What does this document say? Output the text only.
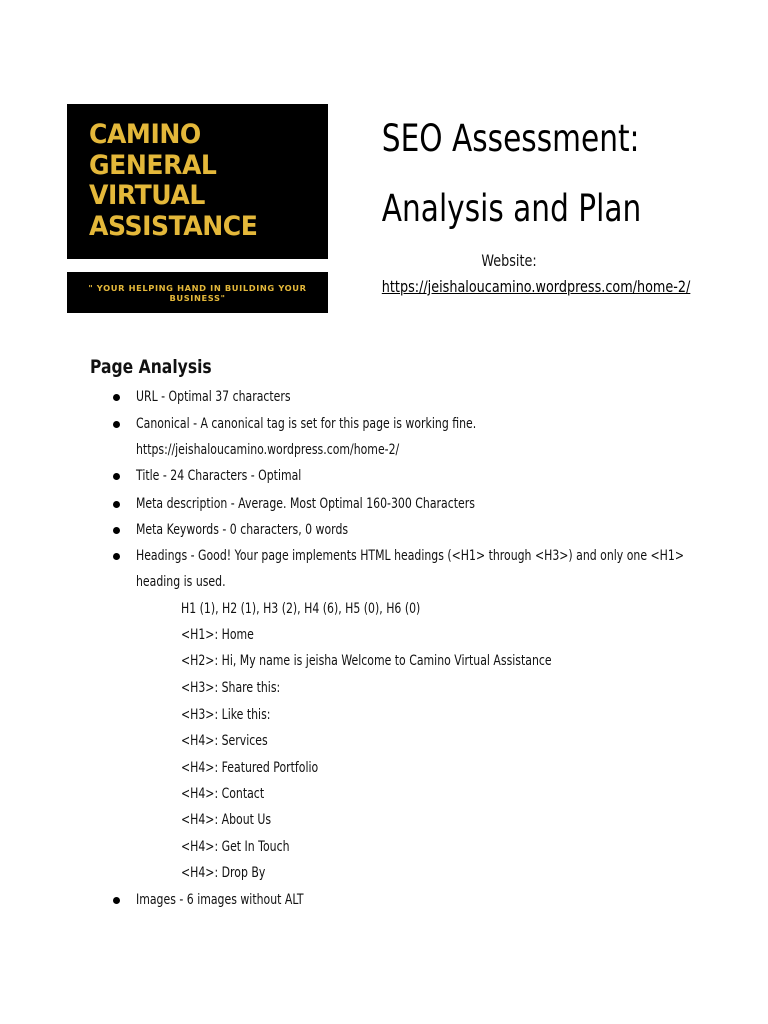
CAMINO
GENERAL
VIRTUAL
ASSISTANCE

" YOUR HELPING HAND IN BUILDING YOUR BUSINESS"

SEO Assessment:
Analysis and Plan
Website:
https://jeishaloucamino.wordpress.com/home-2/
Page Analysis
URL - Optimal 37 characters
Canonical - A canonical tag is set for this page is working fine.
https://jeishaloucamino.wordpress.com/home-2/
Title - 24 Characters - Optimal
Meta description - Average. Most Optimal 160-300 Characters
Meta Keywords - 0 characters, 0 words
Headings - Good! Your page implements HTML headings (<H1> through <H3>) and only one <H1>
heading is used.
H1 (1), H2 (1), H3 (2), H4 (6), H5 (0), H6 (0)
<H1>: Home
<H2>: Hi, My name is jeisha Welcome to Camino Virtual Assistance
<H3>: Share this:
<H3>: Like this:
<H4>: Services
<H4>: Featured Portfolio
<H4>: Contact
<H4>: About Us
<H4>: Get In Touch
<H4>: Drop By
Images - 6 images without ALT
